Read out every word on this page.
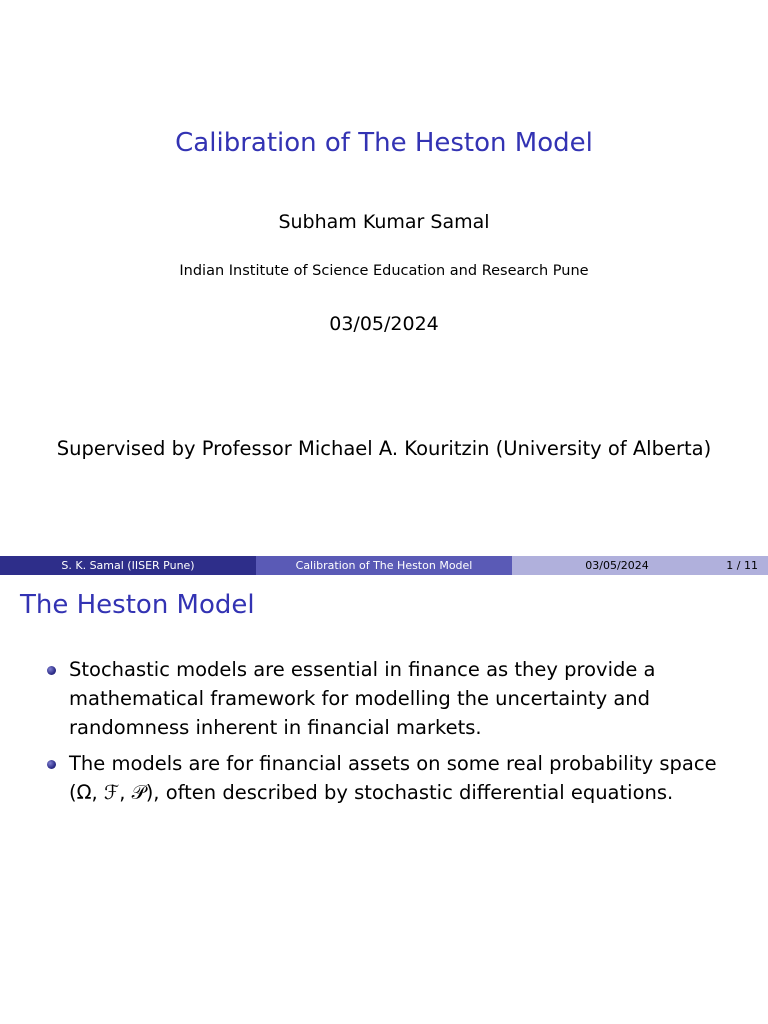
Calibration of The Heston Model
Subham Kumar Samal
Indian Institute of Science Education and Research Pune
03/05/2024
Supervised by Professor Michael A. Kouritzin (University of Alberta)
S. K. Samal (IISER Pune)	Calibration of The Heston Model	03/05/2024	1 / 11
The Heston Model
Stochastic models are essential in finance as they provide a mathematical framework for modelling the uncertainty and randomness inherent in financial markets.
The models are for financial assets on some real probability space (Ω, ℱ, 𝒫), often described by stochastic differential equations.
